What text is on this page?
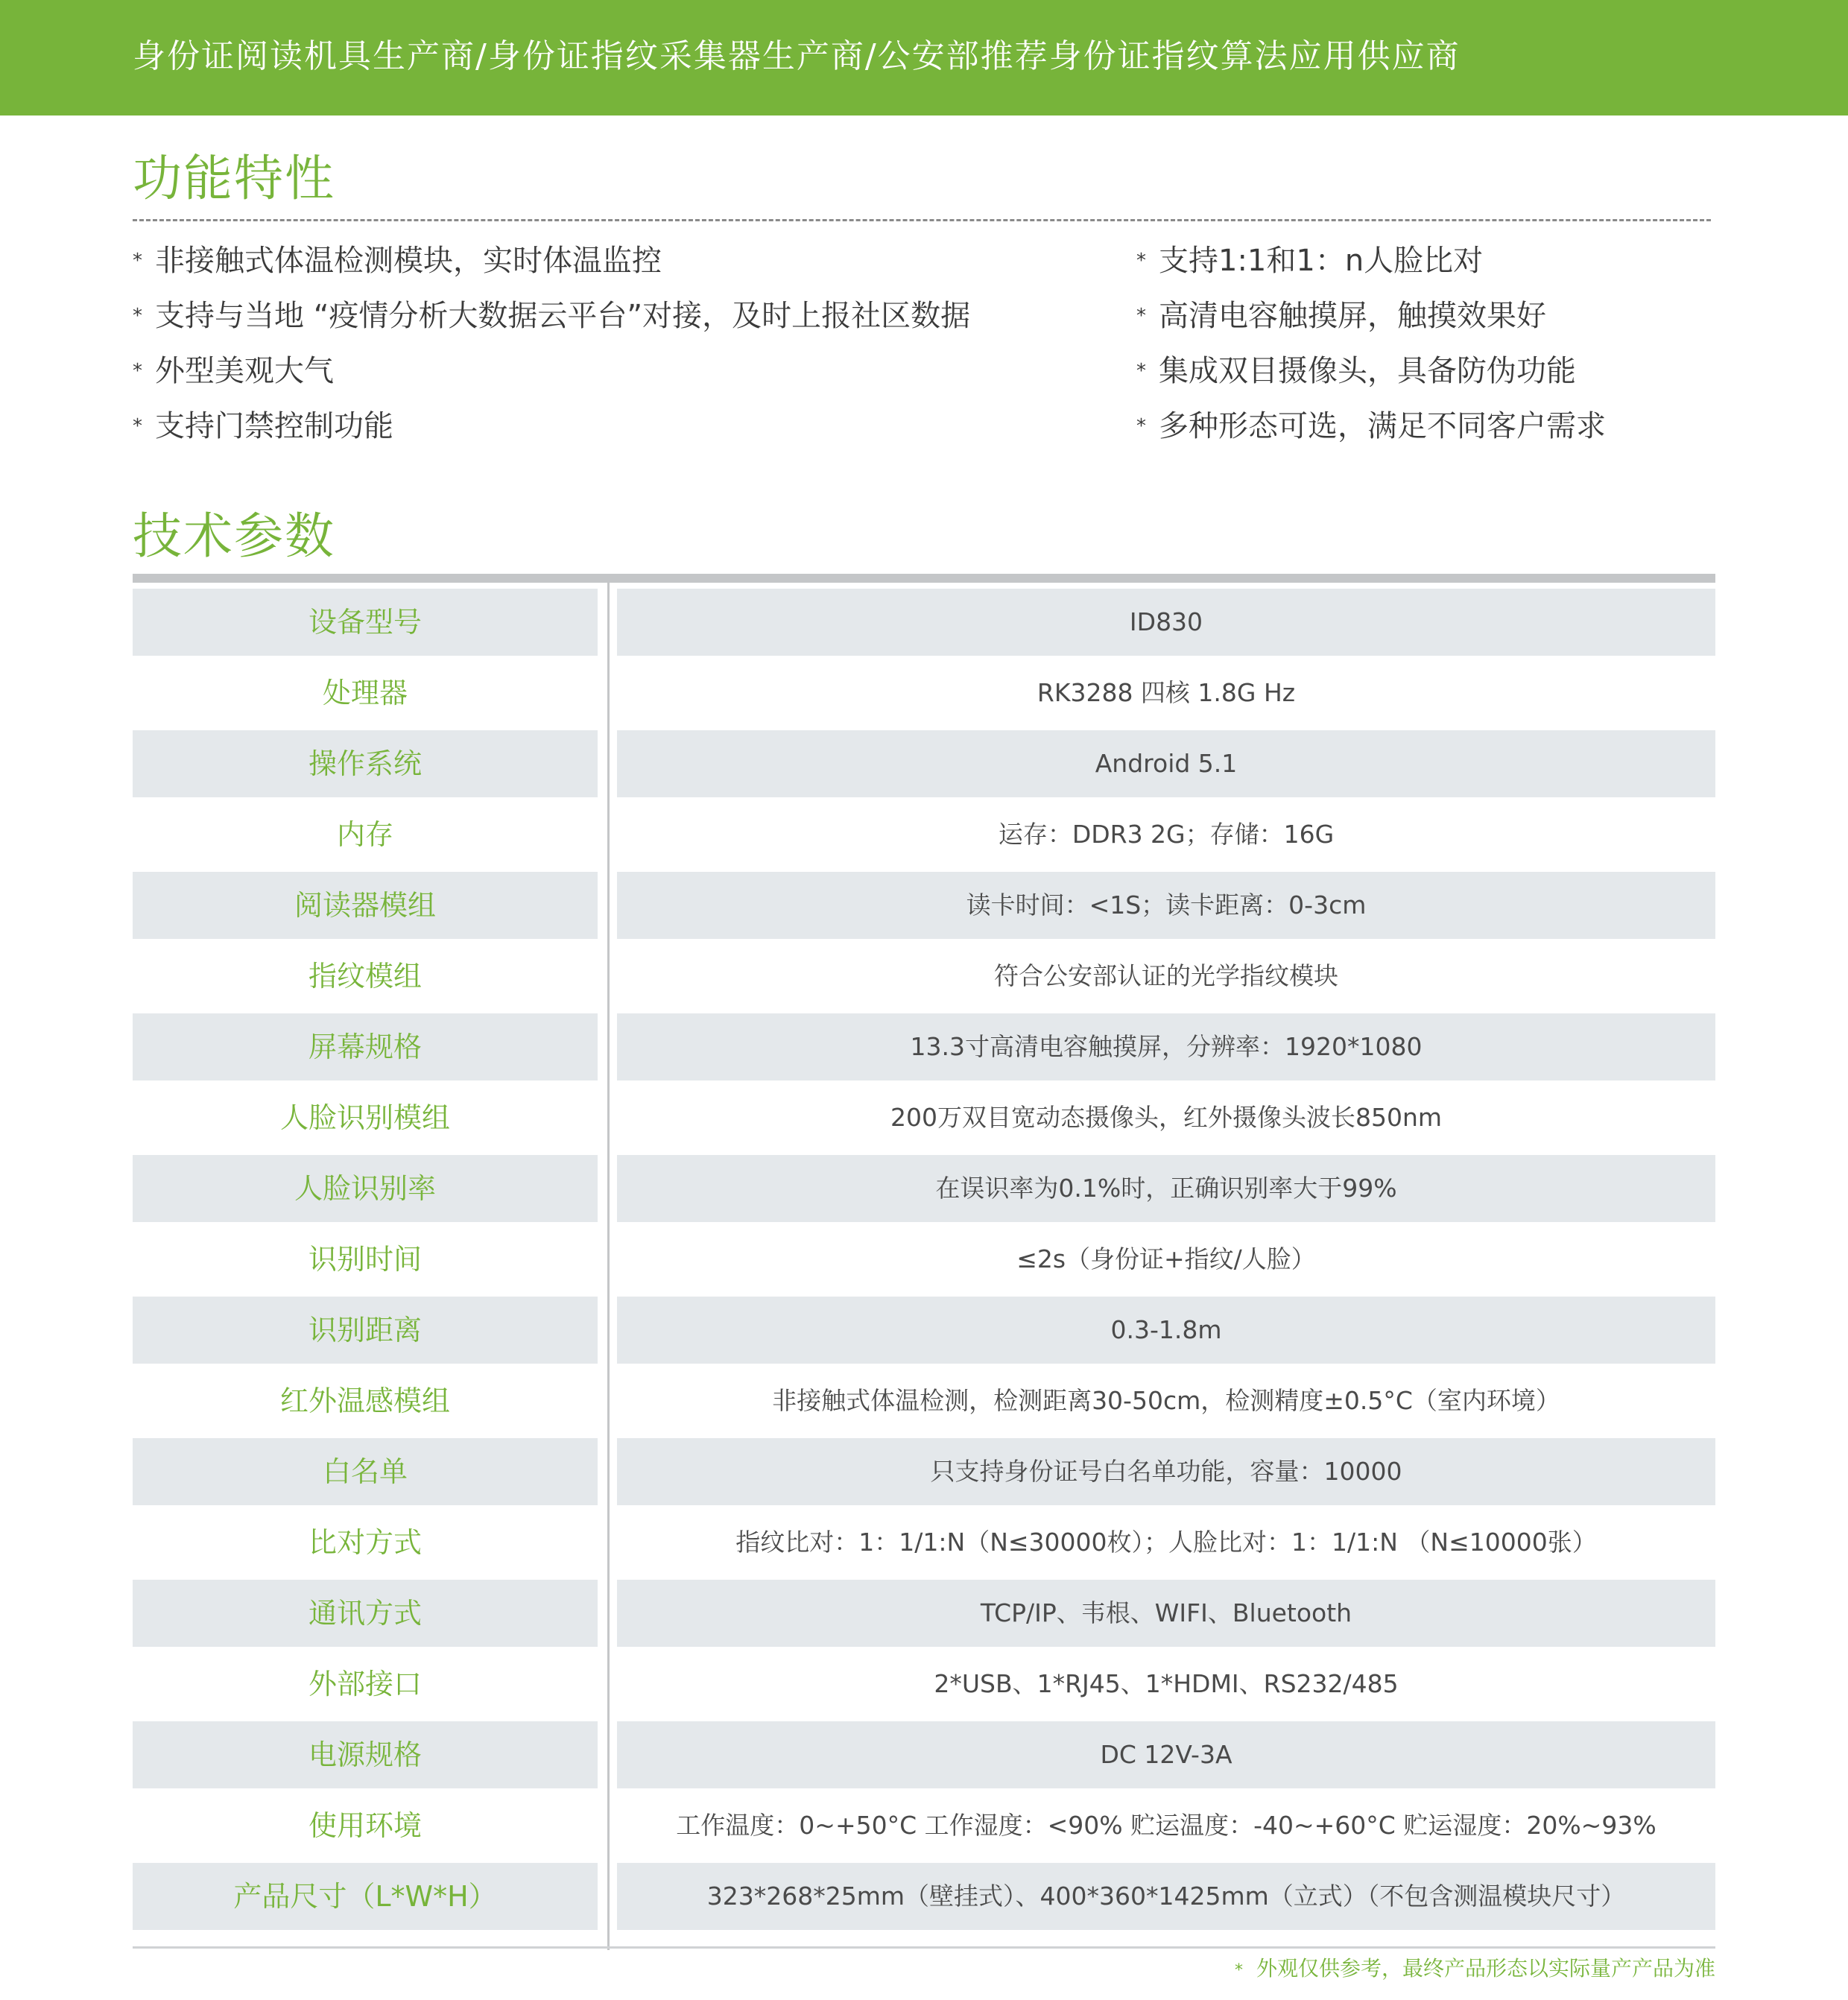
身份证阅读机具生产商/身份证指纹采集器生产商/公安部推荐身份证指纹算法应用供应商
功能特性
* 非接触式体温检测模块，实时体温监控
* 支持与当地 “疫情分析大数据云平台”对接，及时上报社区数据
* 外型美观大气
* 支持门禁控制功能
* 支持1:1和1：n人脸比对
* 高清电容触摸屏，触摸效果好
* 集成双目摄像头，具备防伪功能
* 多种形态可选，满足不同客户需求
技术参数
设备型号	ID830
处理器	RK3288 四核 1.8G Hz
操作系统	Android 5.1
内存	运存：DDR3 2G；存储：16G
阅读器模组	读卡时间：<1S；读卡距离：0-3cm
指纹模组	符合公安部认证的光学指纹模块
屏幕规格	13.3寸高清电容触摸屏，分辨率：1920*1080
人脸识别模组	200万双目宽动态摄像头，红外摄像头波长850nm
人脸识别率	在误识率为0.1%时，正确识别率大于99%
识别时间	≤2s（身份证+指纹/人脸）
识别距离	0.3-1.8m
红外温感模组	非接触式体温检测，检测距离30-50cm，检测精度±0.5°C（室内环境）
白名单	只支持身份证号白名单功能，容量：10000
比对方式	指纹比对：1：1/1:N（N≤30000枚）；人脸比对：1：1/1:N （N≤10000张）
通讯方式	TCP/IP、韦根、WIFI、Bluetooth
外部接口	2*USB、1*RJ45、1*HDMI、RS232/485
电源规格	DC 12V-3A
使用环境	工作温度：0~+50°C 工作湿度：<90% 贮运温度：-40~+60°C 贮运湿度：20%~93%
产品尺寸（L*W*H）	323*268*25mm（壁挂式）、400*360*1425mm（立式）（不包含测温模块尺寸）
* 外观仅供参考，最终产品形态以实际量产产品为准
